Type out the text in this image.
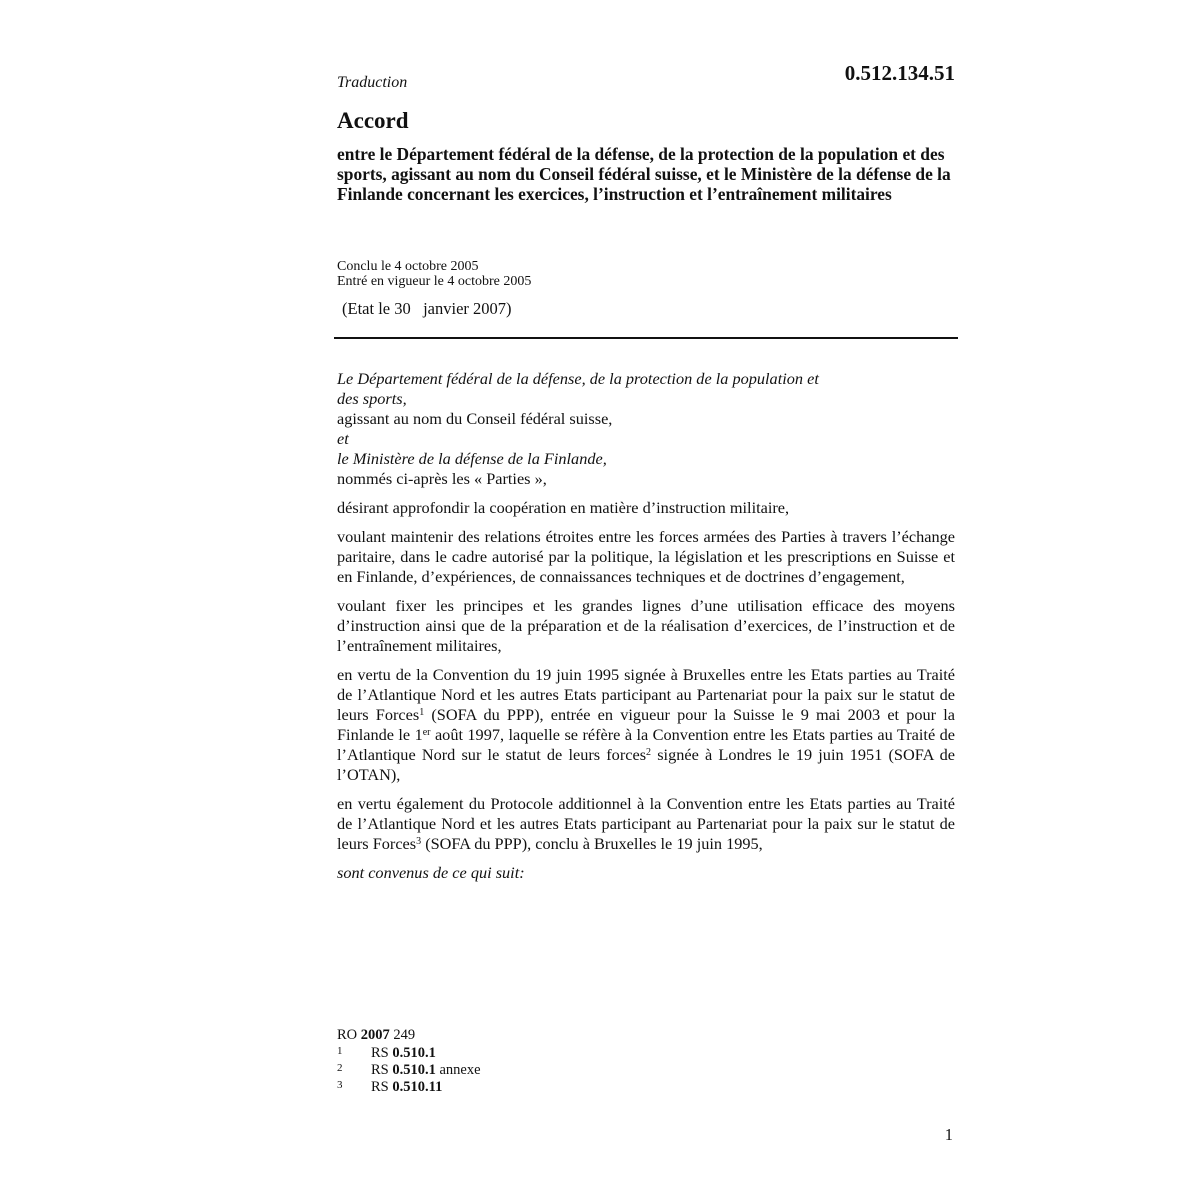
Traduction	0.512.134.51
Accord
entre le Département fédéral de la défense, de la protection de la population et des sports, agissant au nom du Conseil fédéral suisse, et le Ministère de la défense de la Finlande concernant les exercices, l’instruction et l’entraînement militaires
Conclu le 4 octobre 2005
Entré en vigueur le 4 octobre 2005
(Etat le 30   janvier 2007)

Le Département fédéral de la défense, de la protection de la population et
des sports,

agissant au nom du Conseil fédéral suisse,

et

le Ministère de la défense de la Finlande,

nommés ci-après les « Parties »,

désirant approfondir la coopération en matière d’instruction militaire,

voulant maintenir des relations étroites entre les forces armées des Parties à travers l’échange paritaire, dans le cadre autorisé par la politique, la législation et les prescriptions en Suisse et en Finlande, d’expériences, de connaissances techniques et de doctrines d’engagement,

voulant fixer les principes et les grandes lignes d’une utilisation efficace des moyens d’instruction ainsi que de la préparation et de la réalisation d’exercices, de l’instruction et de l’entraînement militaires,

en vertu de la Convention du 19 juin 1995 signée à Bruxelles entre les Etats parties au Traité de l’Atlantique Nord et les autres Etats participant au Partenariat pour la paix sur le statut de leurs Forces$^1$ (SOFA du PPP), entrée en vigueur pour la Suisse le 9 mai 2003 et pour la Finlande le 1er août 1997, laquelle se réfère à la Convention entre les Etats parties au Traité de l’Atlantique Nord sur le statut de leurs forces$^2$ signée à Londres le 19 juin 1951 (SOFA de l’OTAN),

en vertu également du Protocole additionnel à la Convention entre les Etats parties au Traité de l’Atlantique Nord et les autres Etats participant au Partenariat pour la paix sur le statut de leurs Forces$^3$ (SOFA du PPP), conclu à Bruxelles le 19 juin 1995,

sont convenus de ce qui suit:

RO 2007 249
1 RS 0.510.1
2 RS 0.510.1 annexe
3 RS 0.510.11
1
